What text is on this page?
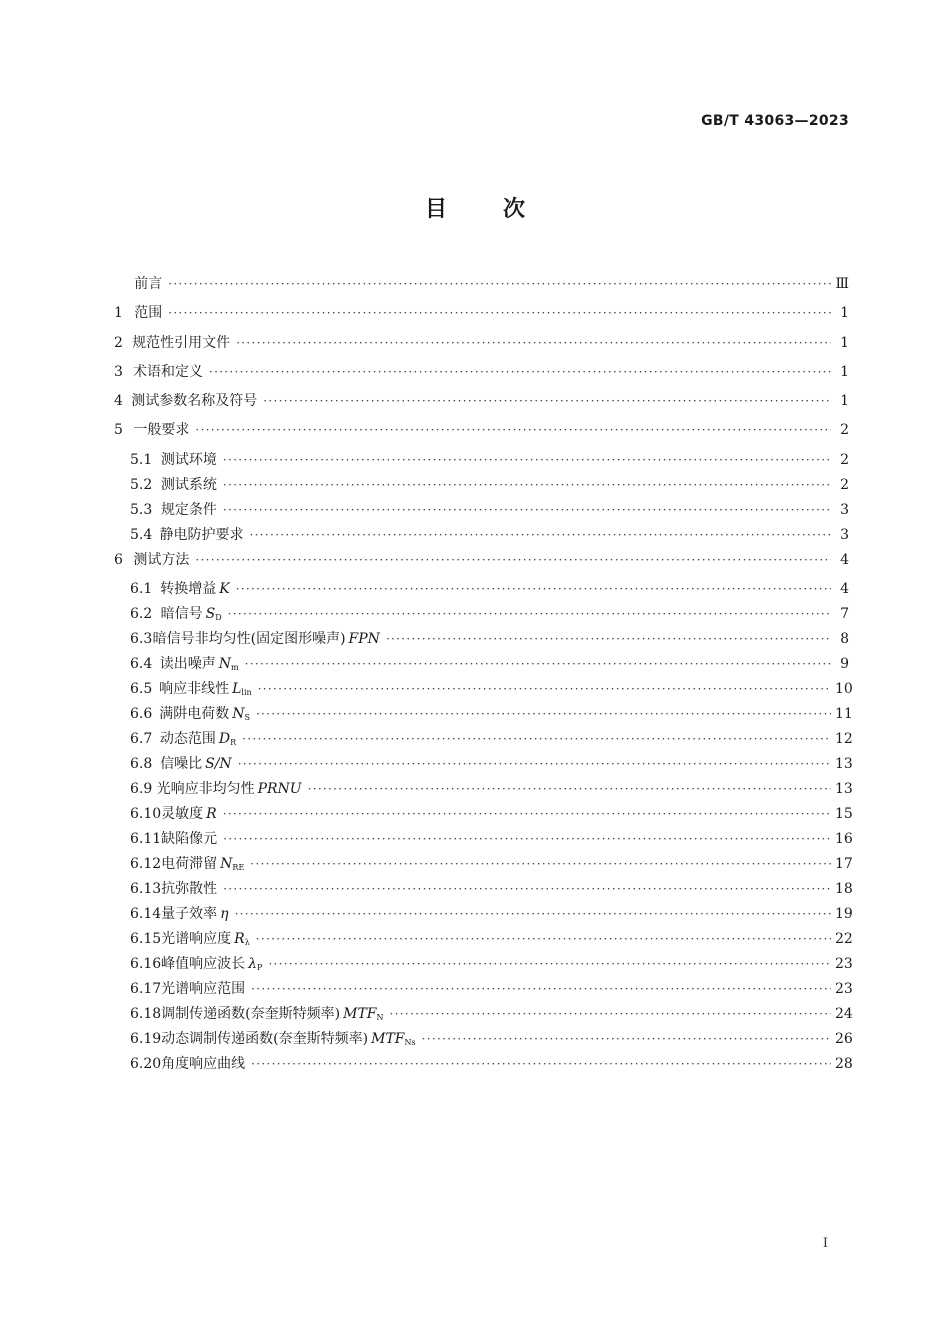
GB/T 43063—2023
目次
前言 ·····	Ⅲ
1 范围 ·····	1
2 规范性引用文件 ·····	1
3 术语和定义 ·····	1
4 测试参数名称及符号 ·····	1
5 一般要求 ·····	2
5.1 测试环境 ·····	2
5.2 测试系统 ·····	2
5.3 规定条件 ·····	3
5.4 静电防护要求 ·····	3
6 测试方法 ·····	4
6.1 转换增益 K ·····	4
6.2 暗信号 $S_D$ ·····	7
6.3 暗信号非均匀性(固定图形噪声) FPN ·····	8
6.4 读出噪声 $N_m$ ·····	9
6.5 响应非线性 $L_{lin}$ ·····	10
6.6 满阱电荷数 $N_S$ ·····	11
6.7 动态范围 $D_R$ ·····	12
6.8 信噪比 S/N ·····	13
6.9 光响应非均匀性 PRNU ·····	13
6.10 灵敏度 R ·····	15
6.11 缺陷像元 ·····	16
6.12 电荷滞留 $N_{RE}$ ·····	17
6.13 抗弥散性 ·····	18
6.14 量子效率 η ·····	19
6.15 光谱响应度 $R_\lambda$ ·····	22
6.16 峰值响应波长 $\lambda_P$ ·····	23
6.17 光谱响应范围 ·····	23
6.18 调制传递函数(奈奎斯特频率) $MTF_N$ ·····	24
6.19 动态调制传递函数(奈奎斯特频率) $MTF_{Ns}$ ·····	26
6.20 角度响应曲线 ·····	28
I
